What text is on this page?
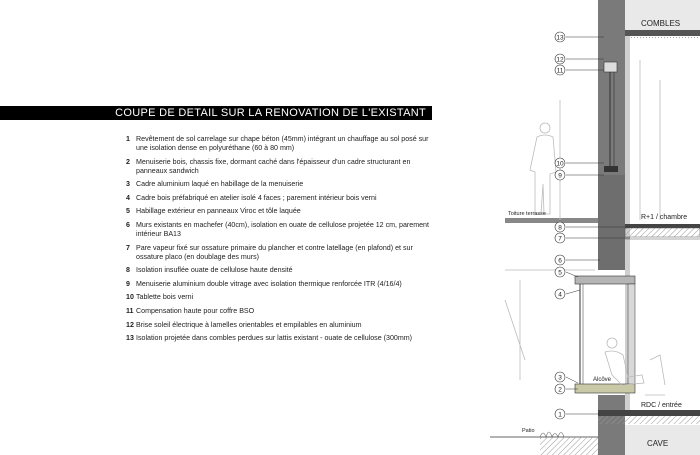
COUPE DE DETAIL SUR LA RENOVATION DE L'EXISTANT
1 Revêtement de sol carrelage sur chape béton (45mm) intégrant un chauffage au sol posé sur une isolation dense en polyuréthane (60 à 80 mm)
2 Menuiserie bois, chassis fixe, dormant caché dans l'épaisseur d'un cadre structurant en panneaux sandwich
3 Cadre aluminium laqué en habillage de la menuiserie
4 Cadre bois préfabriqué en atelier isolé 4 faces ; parement intérieur bois verni
5 Habillage extérieur en panneaux Viroc et tôle laquée
6 Murs existants en machefer (40cm), isolation en ouate de cellulose projetée 12 cm, parement intérieur BA13
7 Pare vapeur fixé sur ossature primaire du plancher et contre latellage (en plafond) et sur ossature placo (en doublage des murs)
8 Isolation insuflée ouate de cellulose haute densité
9 Menuiserie aluminium double vitrage avec isolation thermique renforcée ITR (4/16/4)
10 Tablette bois verni
11 Compensation haute pour coffre BSO
12 Brise soleil électrique à lamelles orientables et empilables en aluminium
13 Isolation projetée dans combles perdues sur lattis existant - ouate de cellulose (300mm)
13
12
11
10
9
8
7
6
5
4
3
2
1
COMBLES
R+1 / chambre
Toiture terrasse
Alcôve
RDC / entrée
Patio
CAVE
